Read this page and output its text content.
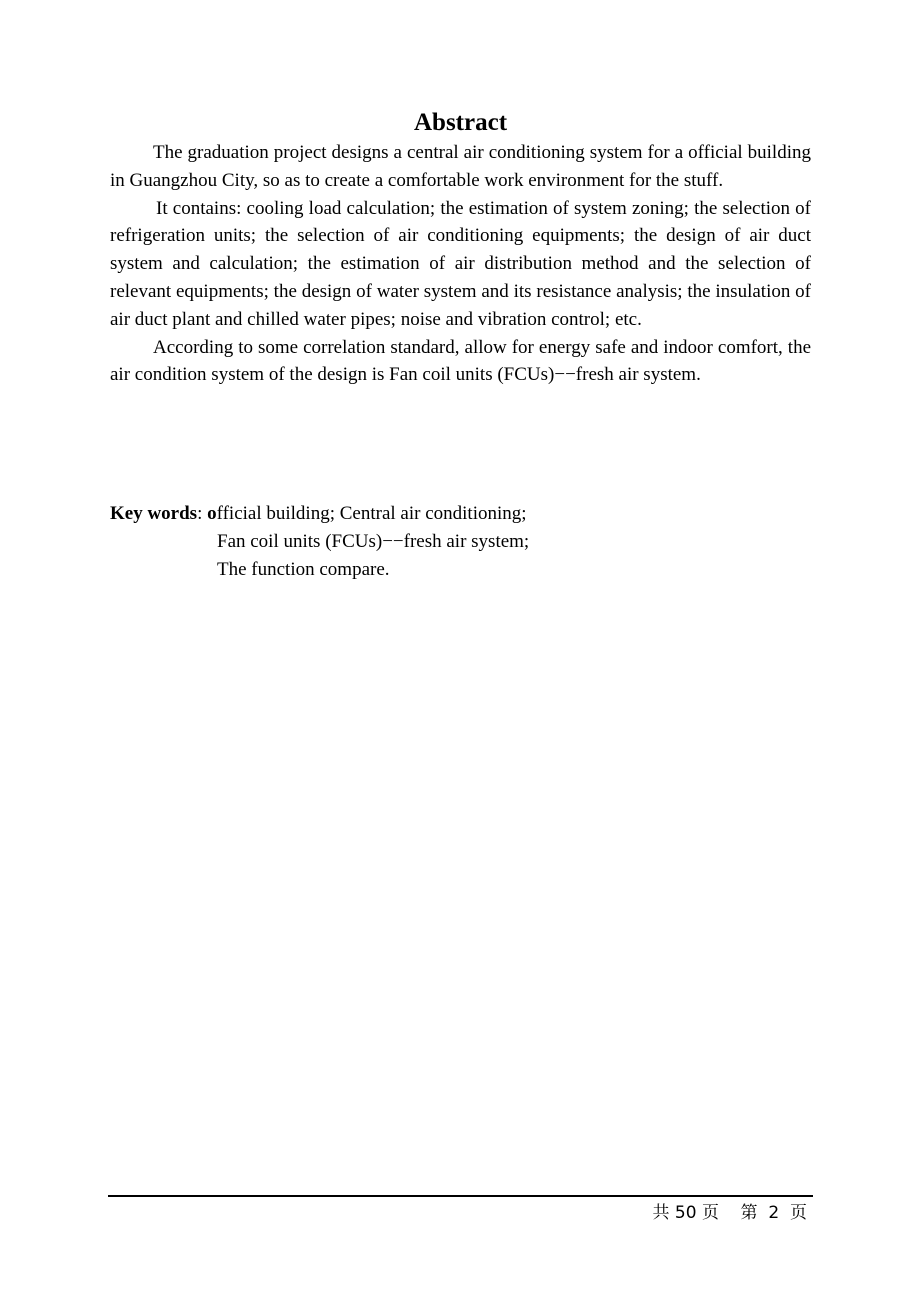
Abstract

The graduation project designs a central air conditioning system for a official building in Guangzhou City, so as to create a comfortable work environment for the stuff.

It contains: cooling load calculation; the estimation of system zoning; the selection of refrigeration units; the selection of air conditioning equipments; the design of air duct system and calculation; the estimation of air distribution method and the selection of relevant equipments; the design of water system and its resistance analysis; the insulation of air duct plant and chilled water pipes; noise and vibration control; etc.

According to some correlation standard, allow for energy safe and indoor comfort, the air condition system of the design is Fan coil units (FCUs)−−fresh air system.

Key words: official building; Central air conditioning;
Fan coil units (FCUs)−−fresh air system;
The function compare.
共 50 页    第  2  页
